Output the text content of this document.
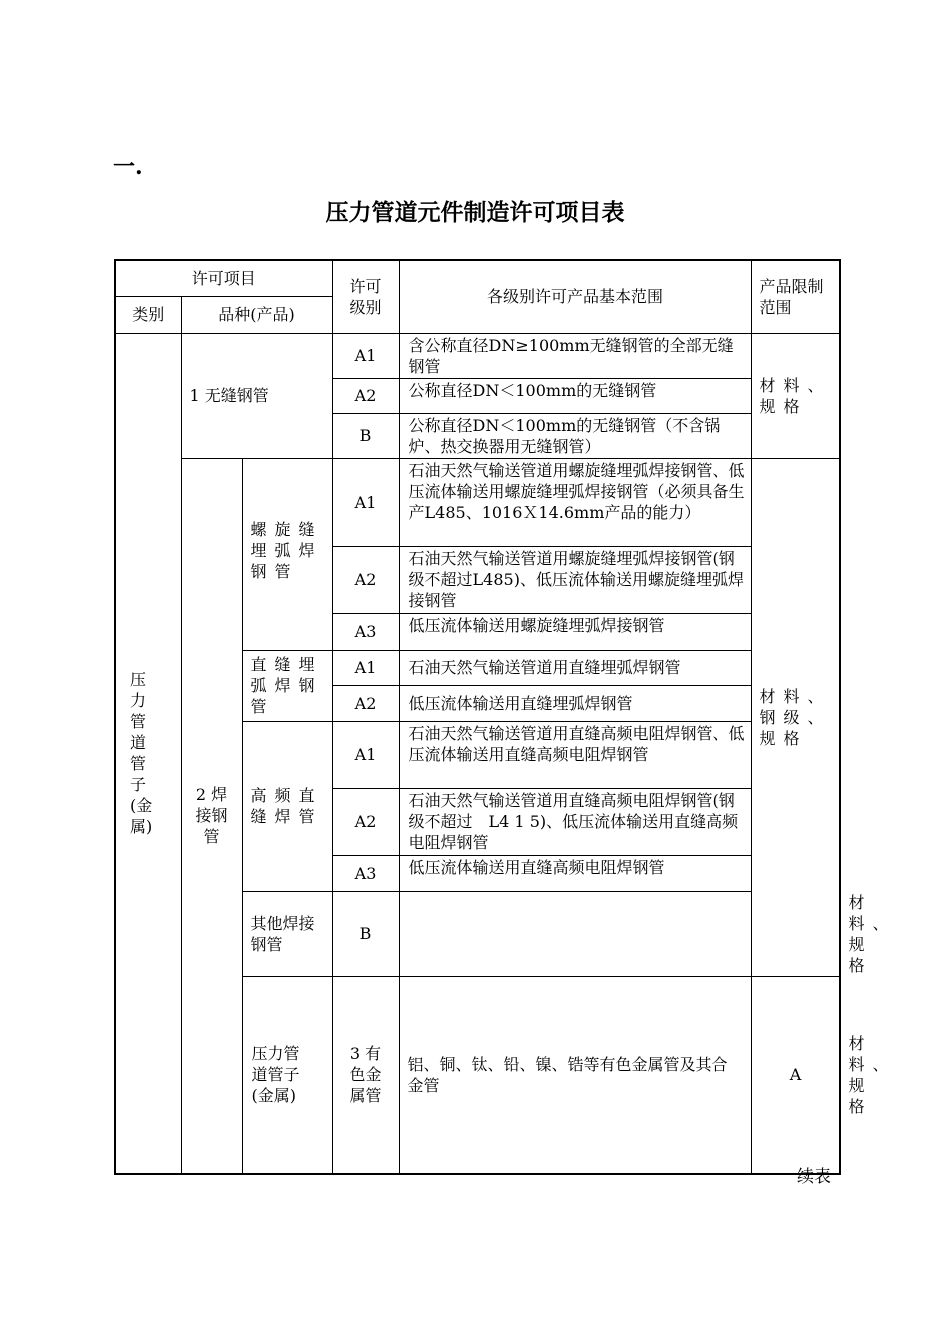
一.
压力管道元件制造许可项目表
许可项目			许可级别	各级别许可产品基本范围	产品限制范围	
类别	品种(产品)					
压力管道管子(金属)	1 无缝钢管		A1	含公称直径DN≥100mm无缝钢管的全部无缝钢管	材料、规格	
			A2	公称直径DN＜100mm的无缝钢管		
			B	公称直径DN＜100mm的无缝钢管（不含锅炉、热交换器用无缝钢管）		
	2 焊接钢管	螺旋缝埋弧焊钢管	A1	石油天然气输送管道用螺旋缝埋弧焊接钢管、低压流体输送用螺旋缝埋弧焊接钢管（必须具备生产L485、1016Ｘ14.6mm产品的能力）	材料、钢级、规格	
			A2	石油天然气输送管道用螺旋缝埋弧焊接钢管(钢级不超过L485)、低压流体输送用螺旋缝埋弧焊接钢管		
			A3	低压流体输送用螺旋缝埋弧焊接钢管		
		直缝埋弧焊钢管	A1	石油天然气输送管道用直缝埋弧焊钢管		
			A2	低压流体输送用直缝埋弧焊钢管		
		高频直缝焊管	A1	石油天然气输送管道用直缝高频电阻焊钢管、低压流体输送用直缝高频电阻焊钢管		
			A2	石油天然气输送管道用直缝高频电阻焊钢管(钢级不超过　L4 1 5)、低压流体输送用直缝高频电阻焊钢管		
			A3	低压流体输送用直缝高频电阻焊钢管		
		其他焊接钢管	B			材料、规格
		压力管道管子(金属)	3 有色金属管	铝、铜、钛、铅、镍、锆等有色金属管及其合金管	A		材料、规格
续表
